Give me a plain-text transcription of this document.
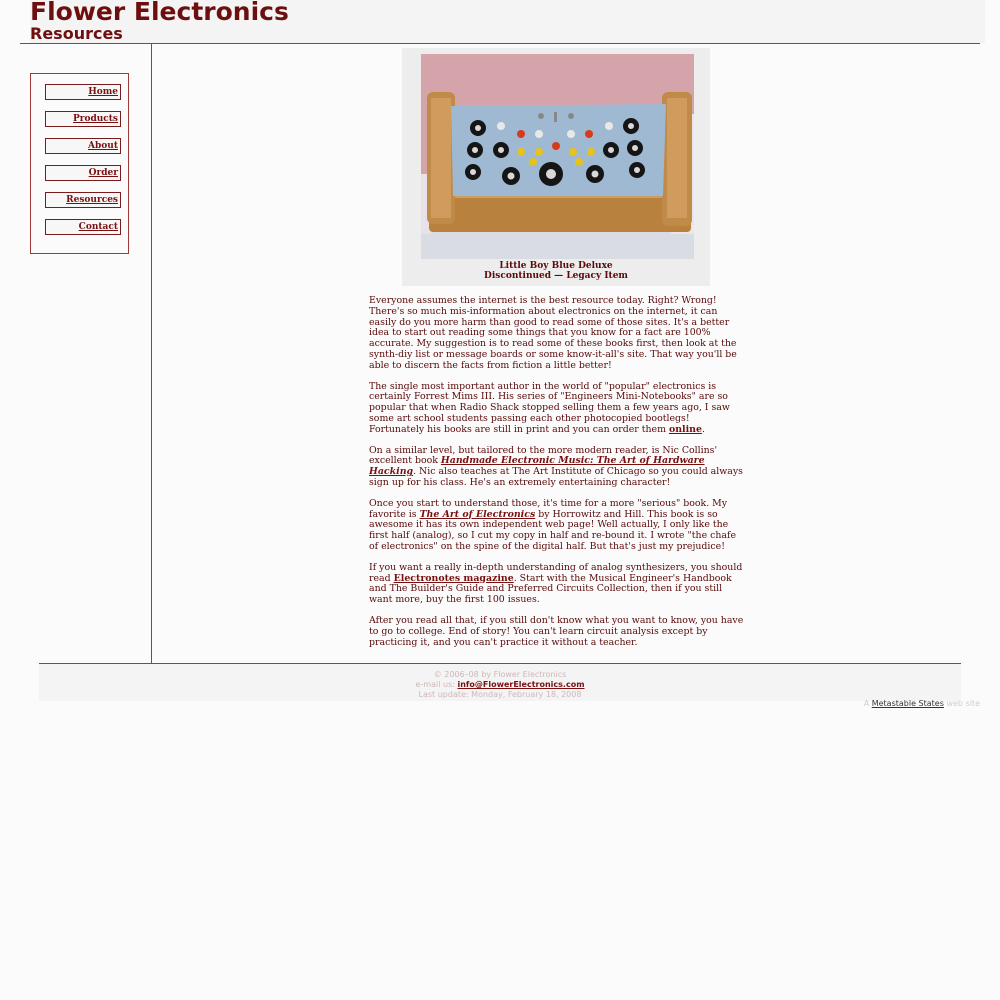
Flower Electronics
Resources
Home
Products
About
Order
Resources
Contact
Little Boy Blue Deluxe
Discontinued — Legacy Item

Everyone assumes the internet is the best resource today. Right? Wrong! There's so much mis-information about electronics on the internet, it can easily do you more harm than good to read some of those sites. It's a better idea to start out reading some things that you know for a fact are 100% accurate. My suggestion is to read some of these books first, then look at the synth-diy list or message boards or some know-it-all's site. That way you'll be able to discern the facts from fiction a little better!

The single most important author in the world of "popular" electronics is certainly Forrest Mims III. His series of "Engineers Mini-Notebooks" are so popular that when Radio Shack stopped selling them a few years ago, I saw some art school students passing each other photocopied bootlegs! Fortunately his books are still in print and you can order them online.

On a similar level, but tailored to the more modern reader, is Nic Collins' excellent book Handmade Electronic Music: The Art of Hardware Hacking. Nic also teaches at The Art Institute of Chicago so you could always sign up for his class. He's an extremely entertaining character!

Once you start to understand those, it's time for a more "serious" book. My favorite is The Art of Electronics by Horrowitz and Hill. This book is so awesome it has its own independent web page! Well actually, I only like the first half (analog), so I cut my copy in half and re-bound it. I wrote "the chafe of electronics" on the spine of the digital half. But that's just my prejudice!

If you want a really in-depth understanding of analog synthesizers, you should read Electronotes magazine. Start with the Musical Engineer's Handbook and The Builder's Guide and Preferred Circuits Collection, then if you still want more, buy the first 100 issues.

After you read all that, if you still don't know what you want to know, you have to go to college. End of story! You can't learn circuit analysis except by practicing it, and you can't practice it without a teacher.

© 2006–08 by Flower Electronics
e-mail us: info@FlowerElectronics.com
Last update: Monday, February 18, 2008
A Metastable States web site
